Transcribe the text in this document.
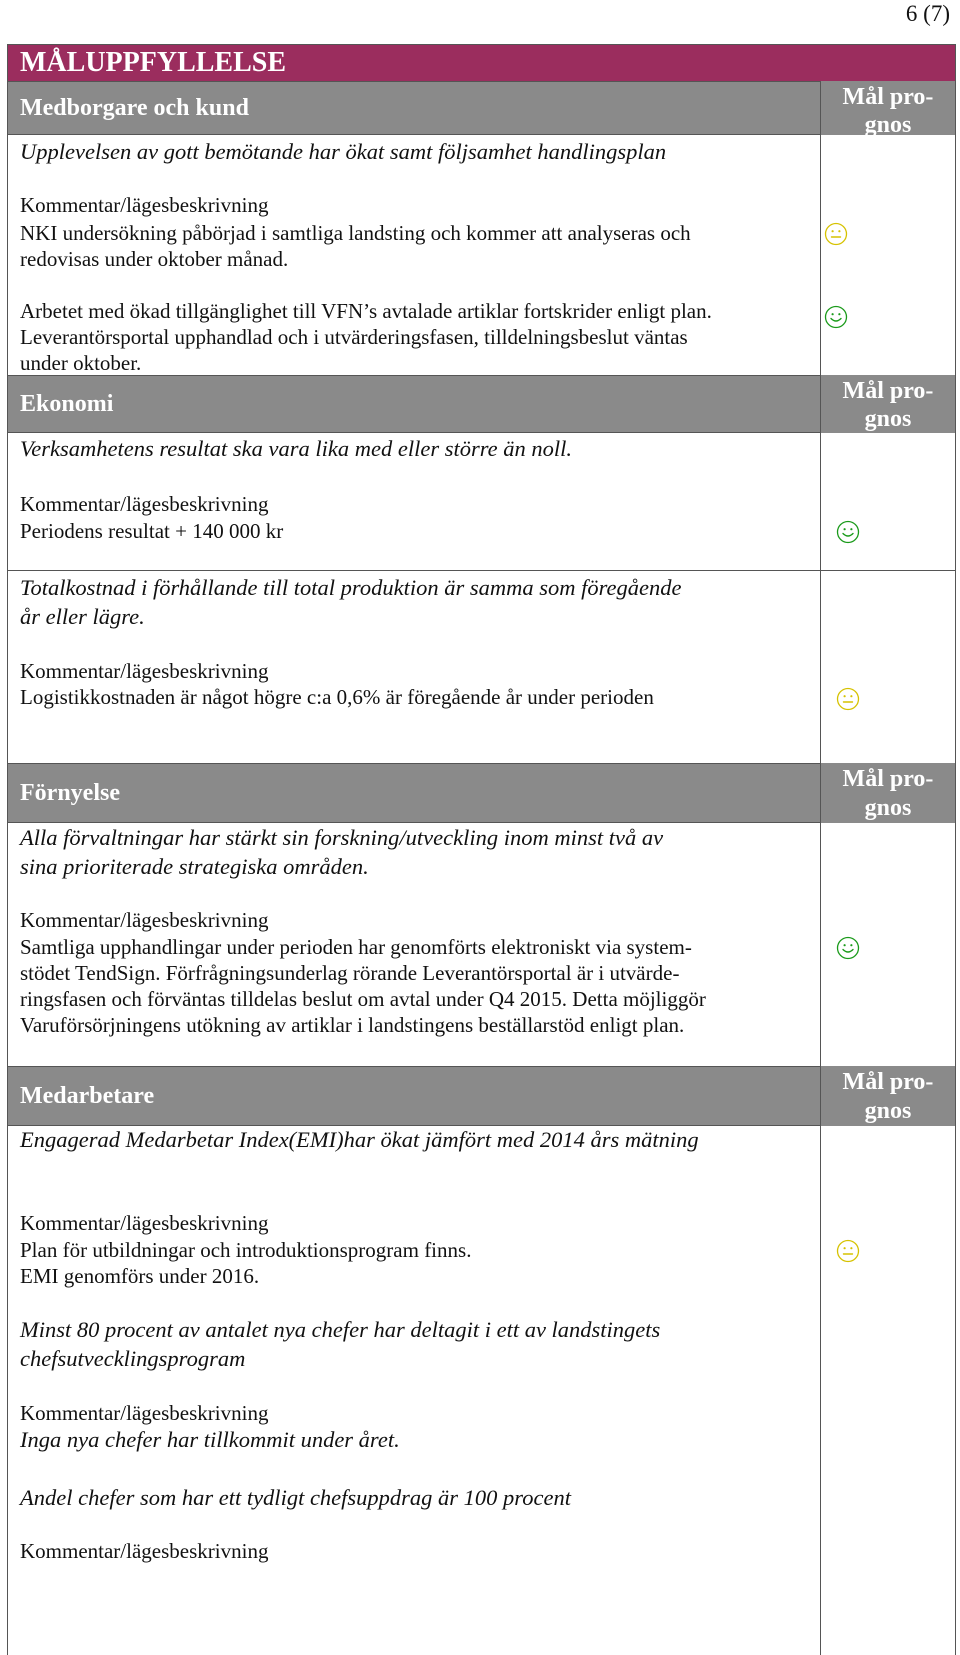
6 (7)
MÅLUPPFYLLELSE
Medborgare och kund	Mål pro-
gnos
Upplevelsen av gott bemötande har ökat samt följsamhet handlingsplan
Kommentar/lägesbeskrivning
NKI undersökning påbörjad i samtliga landsting och kommer att analyseras och
redovisas under oktober månad.
Arbetet med ökad tillgänglighet till VFN’s avtalade artiklar fortskrider enligt plan.
Leverantörsportal upphandlad och i utvärderingsfasen, tilldelningsbeslut väntas
under oktober.
Ekonomi	Mål pro-
gnos
Verksamhetens resultat ska vara lika med eller större än noll.
Kommentar/lägesbeskrivning
Periodens resultat + 140 000 kr
Totalkostnad i förhållande till total produktion är samma som föregående
år eller lägre.
Kommentar/lägesbeskrivning
Logistikkostnaden är något högre c:a 0,6% är föregående år under perioden
Förnyelse
Mål pro-
gnos
Alla förvaltningar har stärkt sin forskning/utveckling inom minst två av
sina prioriterade strategiska områden.
Kommentar/lägesbeskrivning
Samtliga upphandlingar under perioden har genomförts elektroniskt via system-
stödet TendSign. Förfrågningsunderlag rörande Leverantörsportal är i utvärde-
ringsfasen och förväntas tilldelas beslut om avtal under Q4 2015. Detta möjliggör
Varuförsörjningens utökning av artiklar i landstingens beställarstöd enligt plan.
Medarbetare
Mål pro-
gnos
Engagerad Medarbetar Index(EMI)har ökat jämfört med 2014 års mätning
Kommentar/lägesbeskrivning
Plan för utbildningar och introduktionsprogram finns.
EMI genomförs under 2016.
Minst 80 procent av antalet nya chefer har deltagit i ett av landstingets
chefsutvecklingsprogram
Kommentar/lägesbeskrivning
Inga nya chefer har tillkommit under året.
Andel chefer som har ett tydligt chefsuppdrag är 100 procent
Kommentar/lägesbeskrivning
